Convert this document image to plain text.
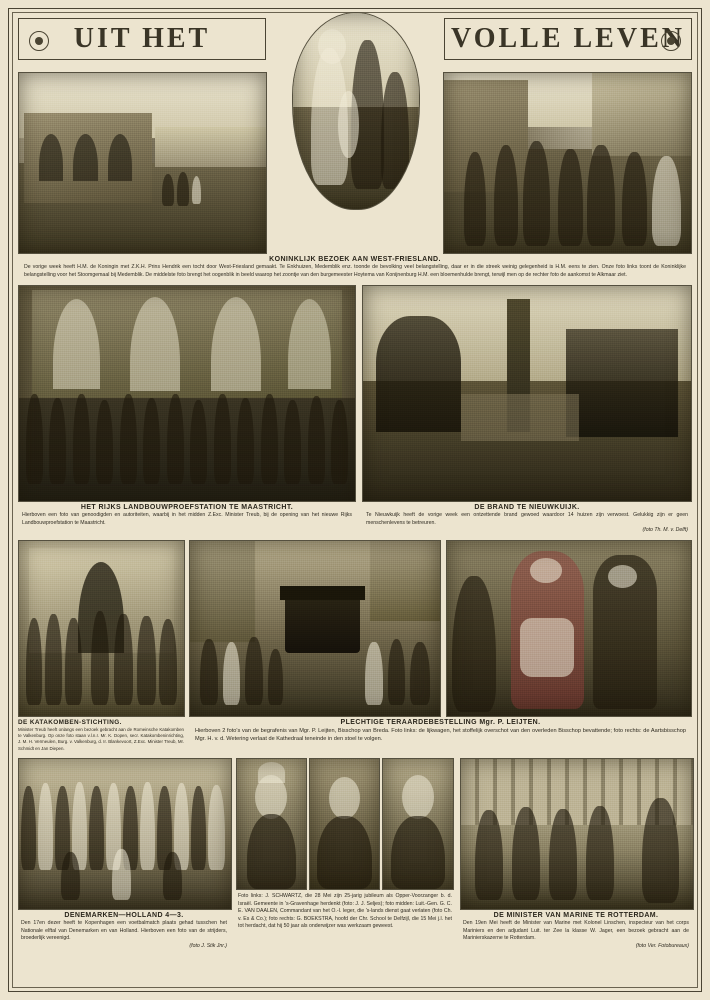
UIT HET	VOLLE LEVEN
KONINKLIJK BEZOEK AAN WEST-FRIESLAND.
De vorige week heeft H.M. de Koningin met Z.K.H. Prins Hendrik een tocht door West-Friesland gemaakt. Te Enkhuizen, Medemblik enz. toonde de bevolking veel belangstelling, daar er in die streek weinig gelegenheid is H.M. eens te zien. Onze foto links toont de Koninklijke belangstelling voor het Stoomgemaal bij Medemblik. De middelste foto brengt het oogenblik in beeld waarop het zoontje van den burgemeester Hoytema van Konijnenburg H.M. een bloemenhulde brengt, terwijl men op de rechter foto de aankomst te Alkmaar ziet.
HET RIJKS LANDBOUWPROEFSTATION TE MAASTRICHT.
Hierboven een foto van genoodigden en autoriteiten, waarbij in het midden Z.Exc. Minister Treub, bij de opening van het nieuwe Rijks Landbouwproefstation te Maastricht.
DE BRAND TE NIEUWKUIJK.
Te Nieuwkuijk heeft de vorige week een ontzettende brand gewoed waardoor 14 huizen zijn verwoest. Gelukkig zijn er geen menschenlevens te betreuren.
(foto Th. M. v. Delft)
DE KATAKOMBEN-STICHTING.
Minister Treub heeft onlangs een bezoek gebracht aan de Romeinsche Katakomben te Valkenburg. Op onze foto staan v.l.n.r. Mr. K. Dopen, secr. Katakombeninrichting, J. M. H. Vermeulen, Burg. v. Valkenburg, d. Ir. Blankevoort, Z.Exc. Minister Treub, Mr. Schmidt en Jan Diepen.
PLECHTIGE TERAARDEBESTELLING Mgr. P. LEIJTEN.
Hierboven 2 foto's van de begrafenis van Mgr. P. Leijten, Bisschop van Breda. Foto links: de lijkwagen, het stoffelijk overschot van den overleden Bisschop bevattende; foto rechts: de Aartsbisschop Mgr. H. v. d. Wetering verlaat de Kathedraal teneinde in den stoel te volgen.
DENEMARKEN—HOLLAND 4—3.
Den 17en dezer heeft te Kopenhagen een voetbalmatch plaats gehad tusschen het Nationale elftal van Denemarken en van Holland. Hierboven een foto van de strijders, broederlijk vereenigd.
(foto J. Stik Jnr.)
Foto links: J. SCHWARTZ, die 28 Mei zijn 25-jarig jubileum als Opper-Voorzanger b. d. Israël. Gemeente in 's-Gravenhage herdenkt (foto: J. J. Seljes); foto midden: Luit.-Gen. G. C. E. VAN DAALEN, Commandant van het O.-I. leger, die 's-lands dienst gaat verlaten (foto Ch. v. Es & Co.); foto rechts: G. BOEKSTRA, hoofd der Chr. School te Delfzijl, die 15 Mei j.l. het tot herdacht, dat hij 50 jaar als onderwijzer was werkzaam geweest.
DE MINISTER VAN MARINE TE ROTTERDAM.
Den 19en Mei heeft de Minister van Marine met Kolonel Linschen, inspecteur van het corps Mariniers en den adjudant Luit. ter Zee la klasse W. Jager, een bezoek gebracht aan de Marinierskazerne te Rotterdam.
(foto Ver. Fotobureaux)
